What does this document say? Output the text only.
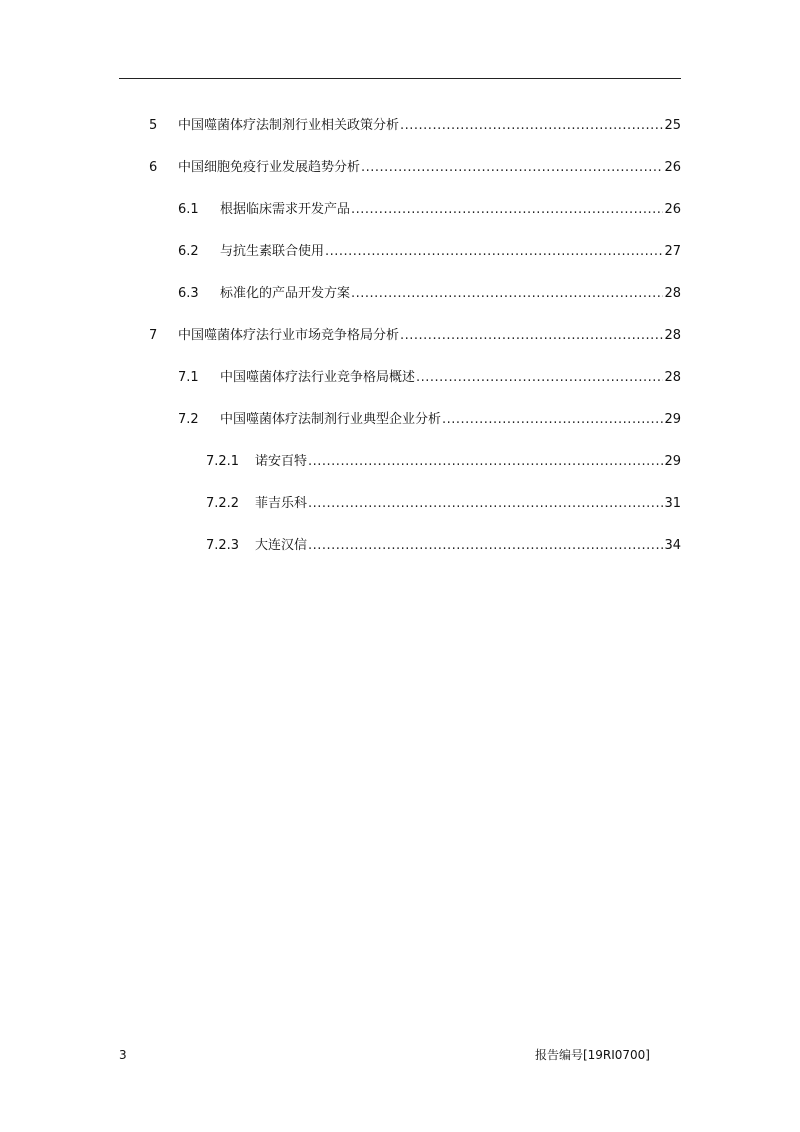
5 中国噬菌体疗法制剂行业相关政策分析 .....	25
6 中国细胞免疫行业发展趋势分析 .....	26
6.1 根据临床需求开发产品 .....	26
6.2 与抗生素联合使用 .....	27
6.3 标准化的产品开发方案 .....	28
7 中国噬菌体疗法行业市场竞争格局分析 .....	28
7.1 中国噬菌体疗法行业竞争格局概述 .....	28
7.2 中国噬菌体疗法制剂行业典型企业分析 .....	29
7.2.1 诺安百特 .....	29
7.2.2 菲吉乐科 .....	31
7.2.3 大连汉信 .....	34
3	报告编号[19RI0700]
